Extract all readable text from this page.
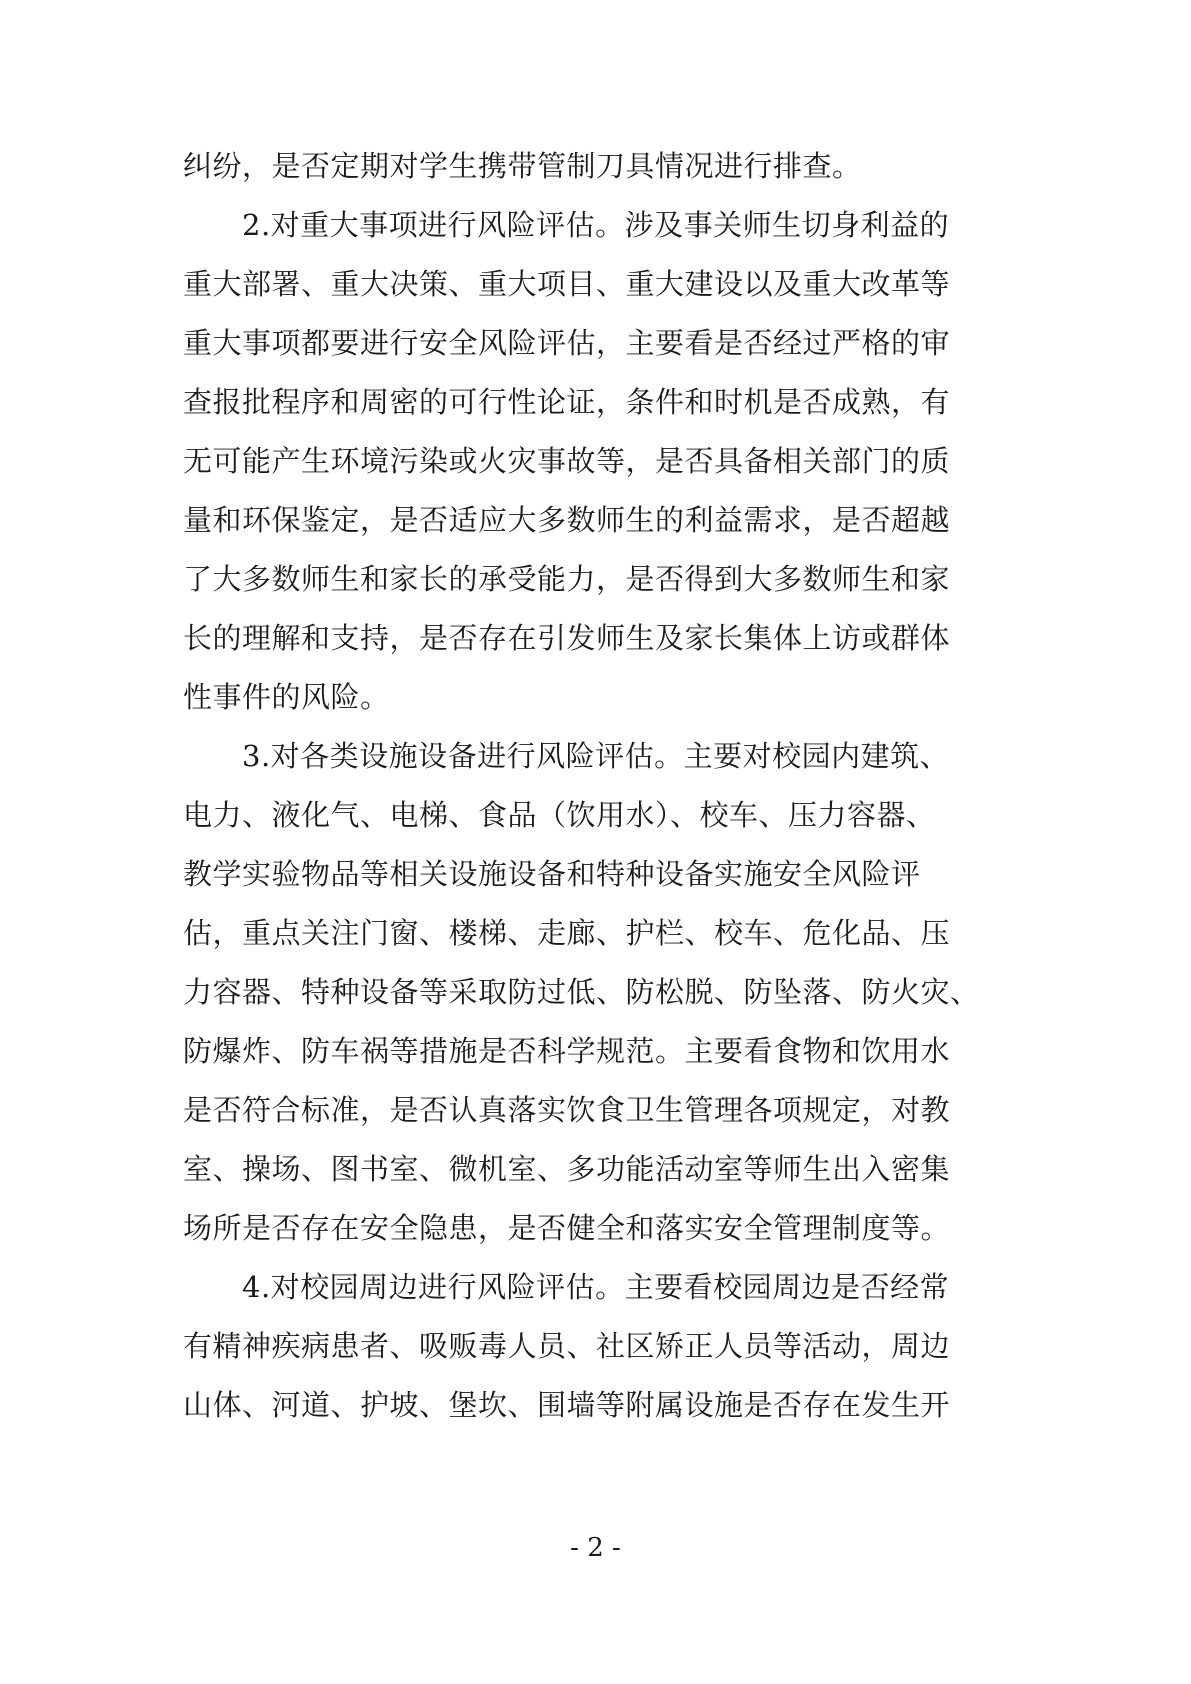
纠纷，是否定期对学生携带管制刀具情况进行排查。
　　2.对重大事项进行风险评估。涉及事关师生切身利益的
重大部署、重大决策、重大项目、重大建设以及重大改革等
重大事项都要进行安全风险评估，主要看是否经过严格的审
查报批程序和周密的可行性论证，条件和时机是否成熟，有
无可能产生环境污染或火灾事故等，是否具备相关部门的质
量和环保鉴定，是否适应大多数师生的利益需求，是否超越
了大多数师生和家长的承受能力，是否得到大多数师生和家
长的理解和支持，是否存在引发师生及家长集体上访或群体
性事件的风险。
　　3.对各类设施设备进行风险评估。主要对校园内建筑、
电力、液化气、电梯、食品（饮用水）、校车、压力容器、
教学实验物品等相关设施设备和特种设备实施安全风险评
估，重点关注门窗、楼梯、走廊、护栏、校车、危化品、压
力容器、特种设备等采取防过低、防松脱、防坠落、防火灾、
防爆炸、防车祸等措施是否科学规范。主要看食物和饮用水
是否符合标准，是否认真落实饮食卫生管理各项规定，对教
室、操场、图书室、微机室、多功能活动室等师生出入密集
场所是否存在安全隐患，是否健全和落实安全管理制度等。
　　4.对校园周边进行风险评估。主要看校园周边是否经常
有精神疾病患者、吸贩毒人员、社区矫正人员等活动，周边
山体、河道、护坡、堡坎、围墙等附属设施是否存在发生开
- 2 -
